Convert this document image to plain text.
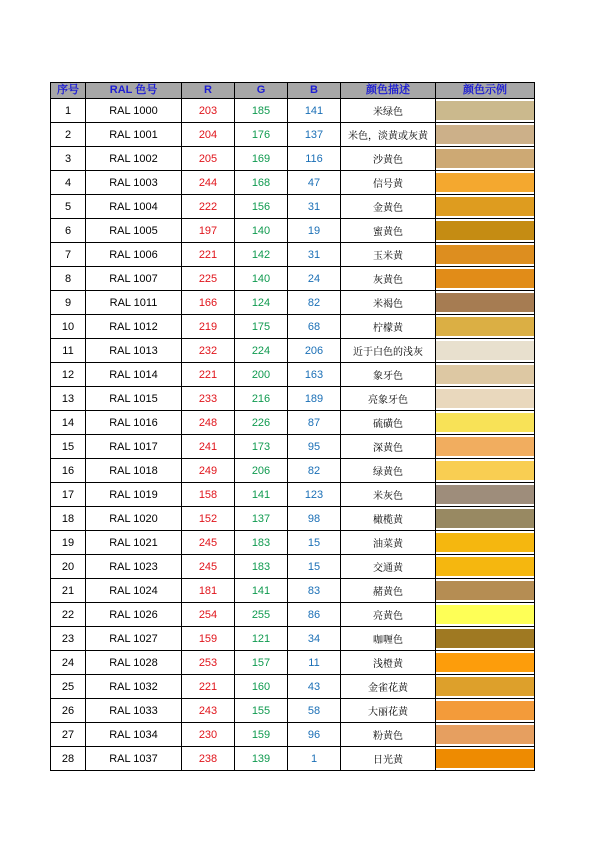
序号	RAL 色号	R	G	B	颜色描述	颜色示例
1	RAL 1000	203	185	141	米绿色	

2	RAL 1001	204	176	137	米色，淡黄或灰黄	

3	RAL 1002	205	169	116	沙黄色	

4	RAL 1003	244	168	47	信号黄	

5	RAL 1004	222	156	31	金黄色	

6	RAL 1005	197	140	19	蜜黄色	

7	RAL 1006	221	142	31	玉米黄	

8	RAL 1007	225	140	24	灰黄色	

9	RAL 1011	166	124	82	米褐色	

10	RAL 1012	219	175	68	柠檬黄	

11	RAL 1013	232	224	206	近于白色的浅灰	

12	RAL 1014	221	200	163	象牙色	

13	RAL 1015	233	216	189	亮象牙色	

14	RAL 1016	248	226	87	硫磺色	

15	RAL 1017	241	173	95	深黄色	

16	RAL 1018	249	206	82	绿黄色	

17	RAL 1019	158	141	123	米灰色	

18	RAL 1020	152	137	98	橄榄黄	

19	RAL 1021	245	183	15	油菜黄	

20	RAL 1023	245	183	15	交通黄	

21	RAL 1024	181	141	83	赭黄色	

22	RAL 1026	254	255	86	亮黄色	

23	RAL 1027	159	121	34	咖喱色	

24	RAL 1028	253	157	11	浅橙黄	

25	RAL 1032	221	160	43	金雀花黄	

26	RAL 1033	243	155	58	大丽花黄	

27	RAL 1034	230	159	96	粉黄色	

28	RAL 1037	238	139	1	日光黄	
